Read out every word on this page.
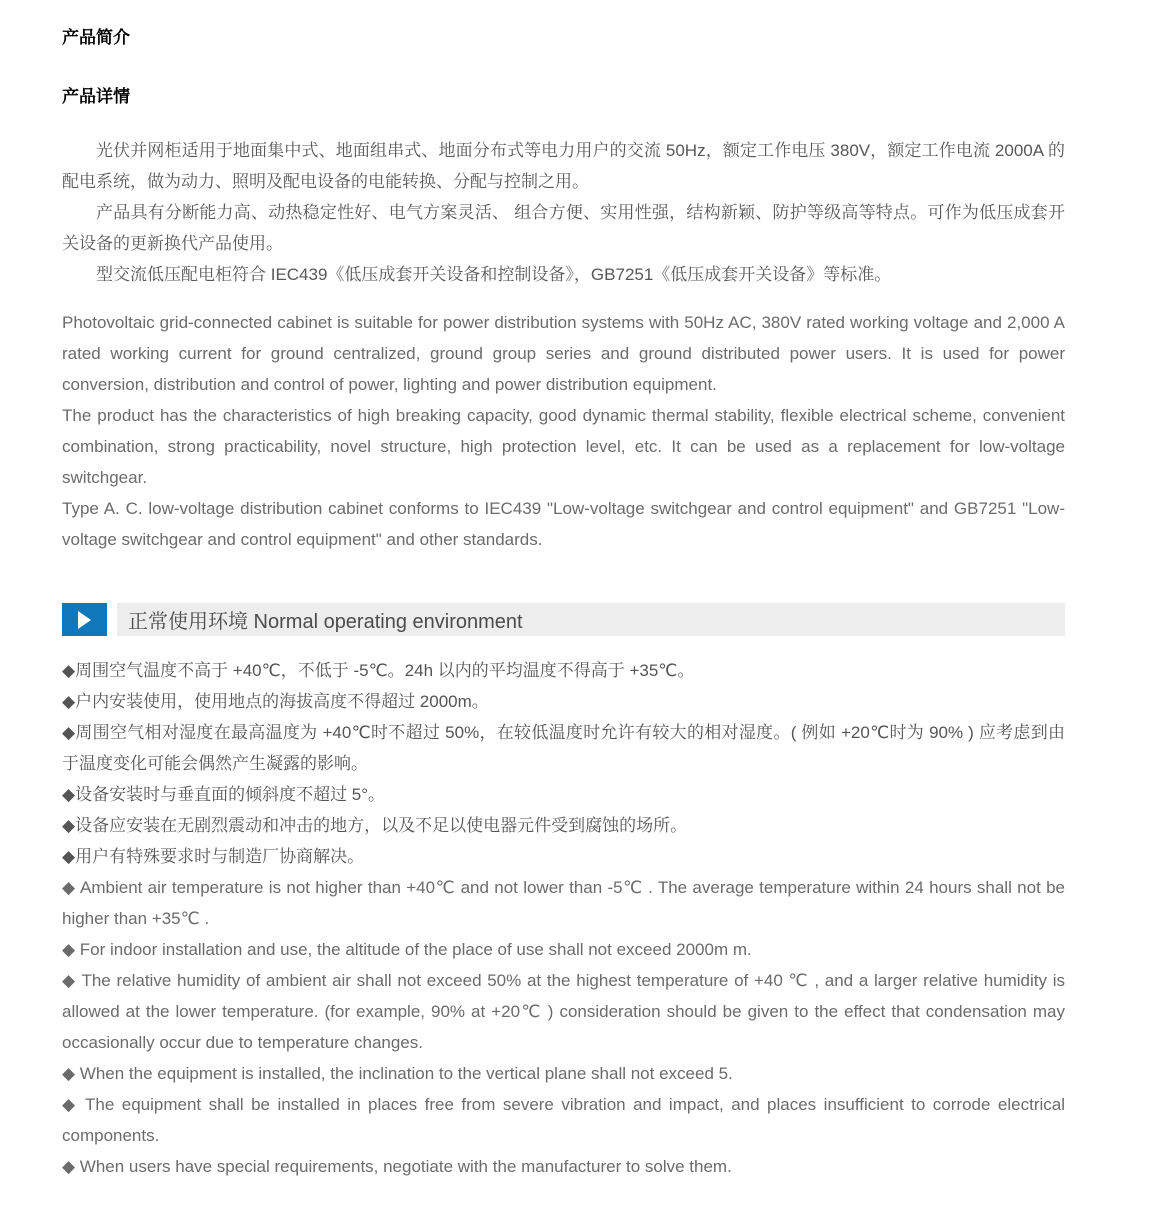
产品简介
产品详情

光伏并网柜适用于地面集中式、地面组串式、地面分布式等电力用户的交流 50Hz，额定工作电压 380V，额定工作电流 2000A 的配电系统，做为动力、照明及配电设备的电能转换、分配与控制之用。

产品具有分断能力高、动热稳定性好、电气方案灵活、 组合方便、实用性强，结构新颖、防护等级高等特点。可作为低压成套开关设备的更新换代产品使用。

型交流低压配电柜符合 IEC439《低压成套开关设备和控制设备》，GB7251《低压成套开关设备》等标准。

Photovoltaic grid-connected cabinet is suitable for power distribution systems with 50Hz AC, 380V rated working voltage and 2,000 A rated working current for ground centralized, ground group series and ground distributed power users. It is used for power conversion, distribution and control of power, lighting and power distribution equipment.

The product has the characteristics of high breaking capacity, good dynamic thermal stability, flexible electrical scheme, convenient combination, strong practicability, novel structure, high protection level, etc. It can be used as a replacement for low-voltage switchgear.

Type A. C. low-voltage distribution cabinet conforms to IEC439 "Low-voltage switchgear and control equipment" and GB7251 "Low-voltage switchgear and control equipment" and other standards.

正常使用环境 Normal operating environment

◆周围空气温度不高于 +40℃，不低于 -5℃。24h 以内的平均温度不得高于 +35℃。

◆户内安装使用，使用地点的海拔高度不得超过 2000m。

◆周围空气相对湿度在最高温度为 +40℃时不超过 50%，在较低温度时允许有较大的相对湿度。( 例如 +20℃时为 90% ) 应考虑到由于温度变化可能会偶然产生凝露的影响。

◆设备安装时与垂直面的倾斜度不超过 5°。

◆设备应安装在无剧烈震动和冲击的地方，以及不足以使电器元件受到腐蚀的场所。

◆用户有特殊要求时与制造厂协商解决。

◆ Ambient air temperature is not higher than +40℃ and not lower than -5℃ . The average temperature within 24 hours shall not be higher than +35℃ .

◆ For indoor installation and use, the altitude of the place of use shall not exceed 2000m m.

◆ The relative humidity of ambient air shall not exceed 50% at the highest temperature of +40 ℃ , and a larger relative humidity is allowed at the lower temperature. (for example, 90% at +20℃ ) consideration should be given to the effect that condensation may occasionally occur due to temperature changes.

◆ When the equipment is installed, the inclination to the vertical plane shall not exceed 5.

◆ The equipment shall be installed in places free from severe vibration and impact, and places insufficient to corrode electrical components.

◆ When users have special requirements, negotiate with the manufacturer to solve them.
